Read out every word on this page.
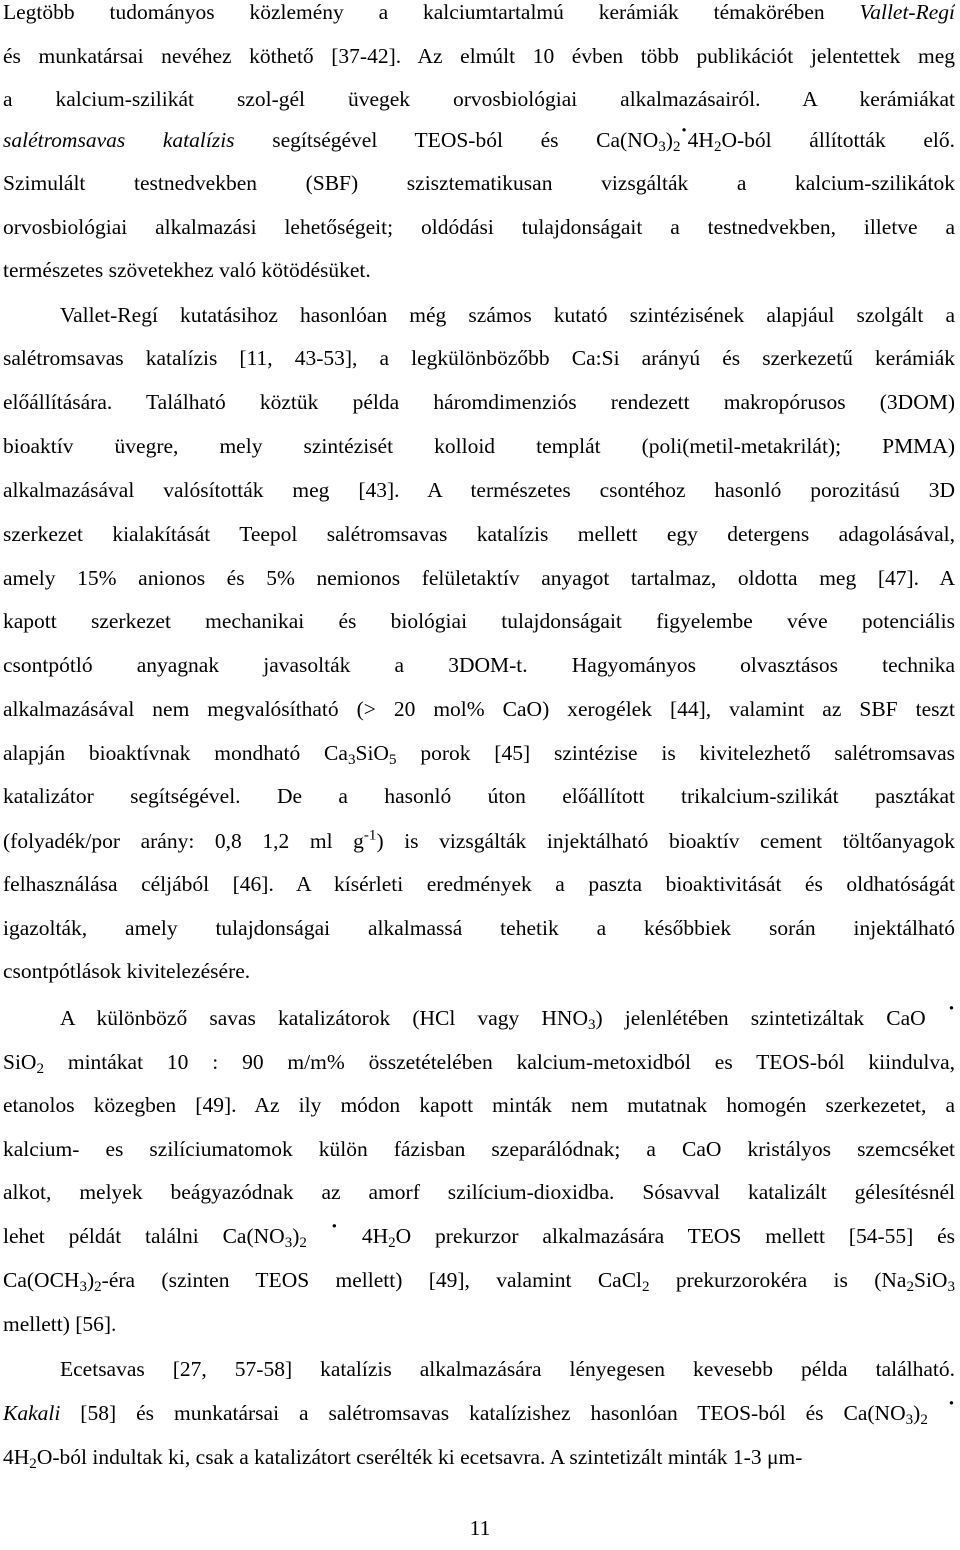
Legtöbb tudományos közlemény a kalciumtartalmú kerámiák témakörében Vallet-Regí
és munkatársai nevéhez köthető [37-42]. Az elmúlt 10 évben több publikációt jelentettek meg
a kalcium-szilikát szol-gél üvegek orvosbiológiai alkalmazásairól. A kerámiákat
salétromsavas katalízis segítségével TEOS-ból és $Ca(NO_3)_2\cdot 4H_2O$-ból állították elő.
Szimulált testnedvekben (SBF) szisztematikusan vizsgálták a kalcium-szilikátok
orvosbiológiai alkalmazási lehetőségeit; oldódási tulajdonságait a testnedvekben, illetve a
természetes szövetekhez való kötödésüket.
Vallet-Regí kutatásihoz hasonlóan még számos kutató szintézisének alapjául szolgált a
salétromsavas katalízis [11, 43-53], a legkülönbözőbb Ca:Si arányú és szerkezetű kerámiák
előállítására. Található köztük példa háromdimenziós rendezett makropórusos (3DOM)
bioaktív üvegre, mely szintézisét kolloid templát (poli(metil-metakrilát); PMMA)
alkalmazásával valósították meg [43]. A természetes csontéhoz hasonló porozitású 3D
szerkezet kialakítását Teepol salétromsavas katalízis mellett egy detergens adagolásával,
amely 15% anionos és 5% nemionos felületaktív anyagot tartalmaz, oldotta meg [47]. A
kapott szerkezet mechanikai és biológiai tulajdonságait figyelembe véve potenciális
csontpótló anyagnak javasolták a 3DOM-t. Hagyományos olvasztásos technika
alkalmazásával nem megvalósítható (> 20 mol% CaO) xerogélek [44], valamint az SBF teszt
alapján bioaktívnak mondható $Ca_3SiO_5$ porok [45] szintézise is kivitelezhető salétromsavas
katalizátor segítségével. De a hasonló úton előállított trikalcium-szilikát pasztákat
(folyadék/por arány: 0,8 1,2 ml $g^{-1}$) is vizsgálták injektálható bioaktív cement töltőanyagok
felhasználása céljából [46]. A kísérleti eredmények a paszta bioaktivitását és oldhatóságát
igazolták, amely tulajdonságai alkalmassá tehetik a későbbiek során injektálható
csontpótlások kivitelezésére.
A különböző savas katalizátorok (HCl vagy $HNO_3$) jelenlétében szintetizáltak CaO ·
SiO$_2$ mintákat 10 : 90 m/m% összetételében kalcium-metoxidból es TEOS-ból kiindulva,
etanolos közegben [49]. Az ily módon kapott minták nem mutatnak homogén szerkezetet, a
kalcium- es szilíciumatomok külön fázisban szeparálódnak; a CaO kristályos szemcséket
alkot, melyek beágyazódnak az amorf szilícium-dioxidba. Sósavval katalizált gélesítésnél
lehet példát találni $Ca(NO_3)_2 \cdot 4H_2O$ prekurzor alkalmazására TEOS mellett [54-55] és
$Ca(OCH_3)_2$-éra (szinten TEOS mellett) [49], valamint CaCl$_2$ prekurzorokéra is ($Na_2SiO_3$
mellett) [56].
Ecetsavas [27, 57-58] katalízis alkalmazására lényegesen kevesebb példa található.
Kakali [58] és munkatársai a salétromsavas katalízishez hasonlóan TEOS-ból és $Ca(NO_3)_2$ ·
$4H_2O$-ból indultak ki, csak a katalizátort cserélték ki ecetsavra. A szintetizált minták 1-3 μm-
11
